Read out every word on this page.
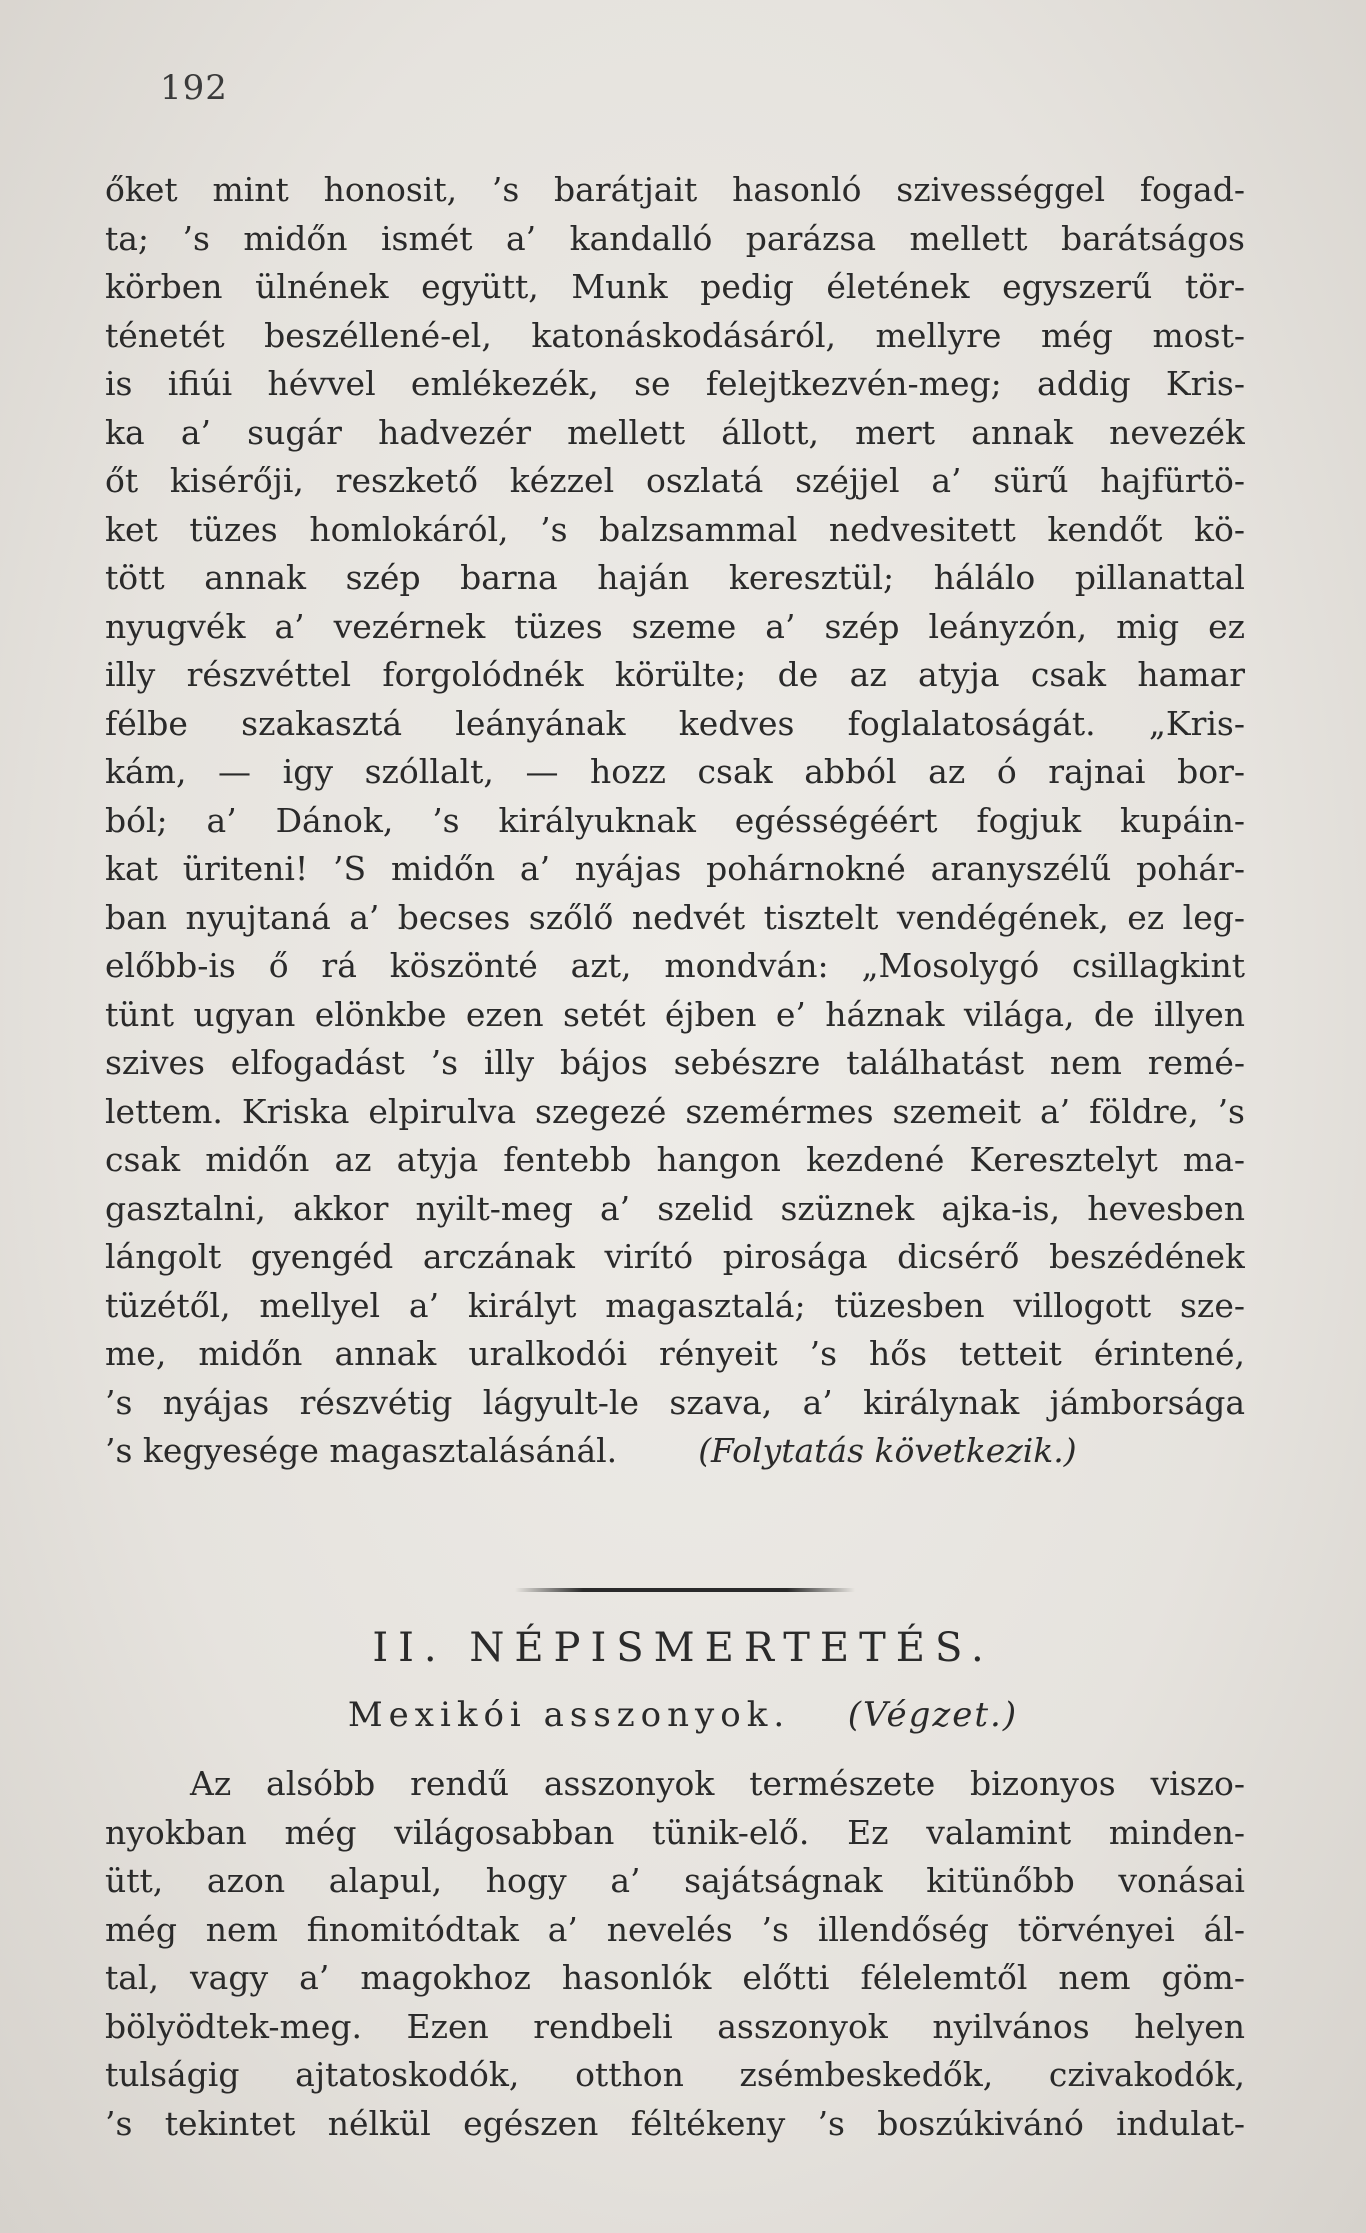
192
őket mint honosit, ’s barátjait hasonló szivességgel fogad-
ta; ’s midőn ismét a’ kandalló parázsa mellett barátságos
körben ülnének együtt, Munk pedig életének egyszerű tör-
ténetét beszéllené-el, katonáskodásáról, mellyre még most-
is ifiúi hévvel emlékezék, se felejtkezvén-meg; addig Kris-
ka a’ sugár hadvezér mellett állott, mert annak nevezék
őt kisérőji, reszkető kézzel oszlatá széjjel a’ sürű hajfürtö-
ket tüzes homlokáról, ’s balzsammal nedvesitett kendőt kö-
tött annak szép barna haján keresztül; hálálo pillanattal
nyugvék a’ vezérnek tüzes szeme a’ szép leányzón, mig ez
illy részvéttel forgolódnék körülte; de az atyja csak hamar
félbe szakasztá leányának kedves foglalatoságát. „Kris-
kám, — igy szóllalt, — hozz csak abból az ó rajnai bor-
ból; a’ Dánok, ’s királyuknak egésségéért fogjuk kupáin-
kat üriteni! ’S midőn a’ nyájas pohárnokné aranyszélű pohár-
ban nyujtaná a’ becses szőlő nedvét tisztelt vendégének, ez leg-
előbb-is ő rá köszönté azt, mondván: „Mosolygó csillagkint
tünt ugyan elönkbe ezen setét éjben e’ háznak világa, de illyen
szives elfogadást ’s illy bájos sebészre találhatást nem remé-
lettem. Kriska elpirulva szegezé szemérmes szemeit a’ földre, ’s
csak midőn az atyja fentebb hangon kezdené Keresztelyt ma-
gasztalni, akkor nyilt-meg a’ szelid szüznek ajka-is, hevesben
lángolt gyengéd arczának virító pirosága dicsérő beszédének
tüzétől, mellyel a’ királyt magasztalá; tüzesben villogott sze-
me, midőn annak uralkodói rényeit ’s hős tetteit érintené,
’s nyájas részvétig lágyult-le szava, a’ királynak jámborsága
’s kegyesége magasztalásánál. (Folytatás következik.)
II. NÉPISMERTETÉS.
Mexikói asszonyok. (Végzet.)
Az alsóbb rendű asszonyok természete bizonyos viszo-
nyokban még világosabban tünik-elő. Ez valamint minden-
ütt, azon alapul, hogy a’ sajátságnak kitünőbb vonásai
még nem finomitódtak a’ nevelés ’s illendőség törvényei ál-
tal, vagy a’ magokhoz hasonlók előtti félelemtől nem göm-
bölyödtek-meg. Ezen rendbeli asszonyok nyilvános helyen
tulságig ajtatoskodók, otthon zsémbeskedők, czivakodók,
’s tekintet nélkül egészen féltékeny ’s boszúkivánó indulat-
